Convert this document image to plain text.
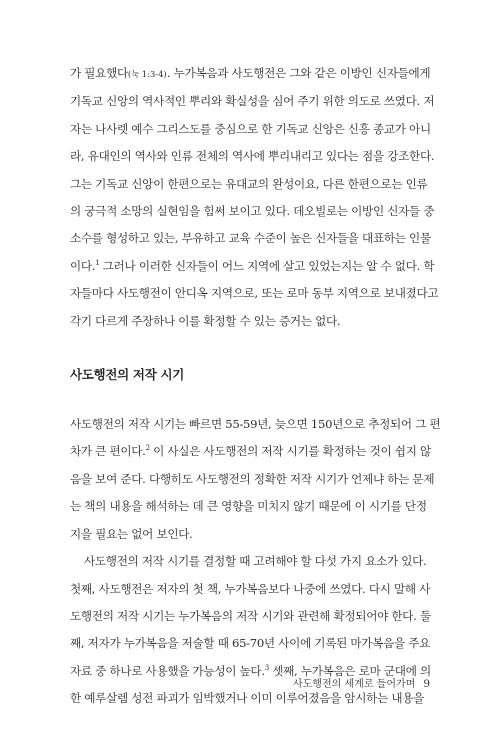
가 필요했다(눅 1:3-4). 누가복음과 사도행전은 그와 같은 이방인 신자들에게
기독교 신앙의 역사적인 뿌리와 확실성을 심어 주기 위한 의도로 쓰였다. 저
자는 나사렛 예수 그리스도를 중심으로 한 기독교 신앙은 신흥 종교가 아니
라, 유대인의 역사와 인류 전체의 역사에 뿌리내리고 있다는 점을 강조한다.
그는 기독교 신앙이 한편으로는 유대교의 완성이요, 다른 한편으로는 인류
의 궁극적 소망의 실현임을 힘써 보이고 있다. 데오빌로는 이방인 신자들 중
소수를 형성하고 있는, 부유하고 교육 수준이 높은 신자들을 대표하는 인물
이다.$^1$ 그러나 이러한 신자들이 어느 지역에 살고 있었는지는 알 수 없다. 학
자들마다 사도행전이 안디옥 지역으로, 또는 로마 동부 지역으로 보내졌다고
각기 다르게 주장하나 이를 확정할 수 있는 증거는 없다.

사도행전의 저작 시기

사도행전의 저작 시기는 빠르면 55-59년, 늦으면 150년으로 추정되어 그 편
차가 큰 편이다.$^2$ 이 사실은 사도행전의 저작 시기를 확정하는 것이 쉽지 않
음을 보여 준다. 다행히도 사도행전의 정확한 저작 시기가 언제냐 하는 문제
는 책의 내용을 해석하는 데 큰 영향을 미치지 않기 때문에 이 시기를 단정
지을 필요는 없어 보인다.

사도행전의 저작 시기를 결정할 때 고려해야 할 다섯 가지 요소가 있다.
첫째, 사도행전은 저자의 첫 책, 누가복음보다 나중에 쓰였다. 다시 말해 사
도행전의 저작 시기는 누가복음의 저작 시기와 관련해 확정되어야 한다. 둘
째, 저자가 누가복음을 저술할 때 65-70년 사이에 기록된 마가복음을 주요
자료 중 하나로 사용했을 가능성이 높다.$^3$ 셋째, 누가복음은 로마 군대에 의
한 예루살렘 성전 파괴가 임박했거나 이미 이루어졌음을 암시하는 내용을

사도행전의 세계로 들어가며 9
